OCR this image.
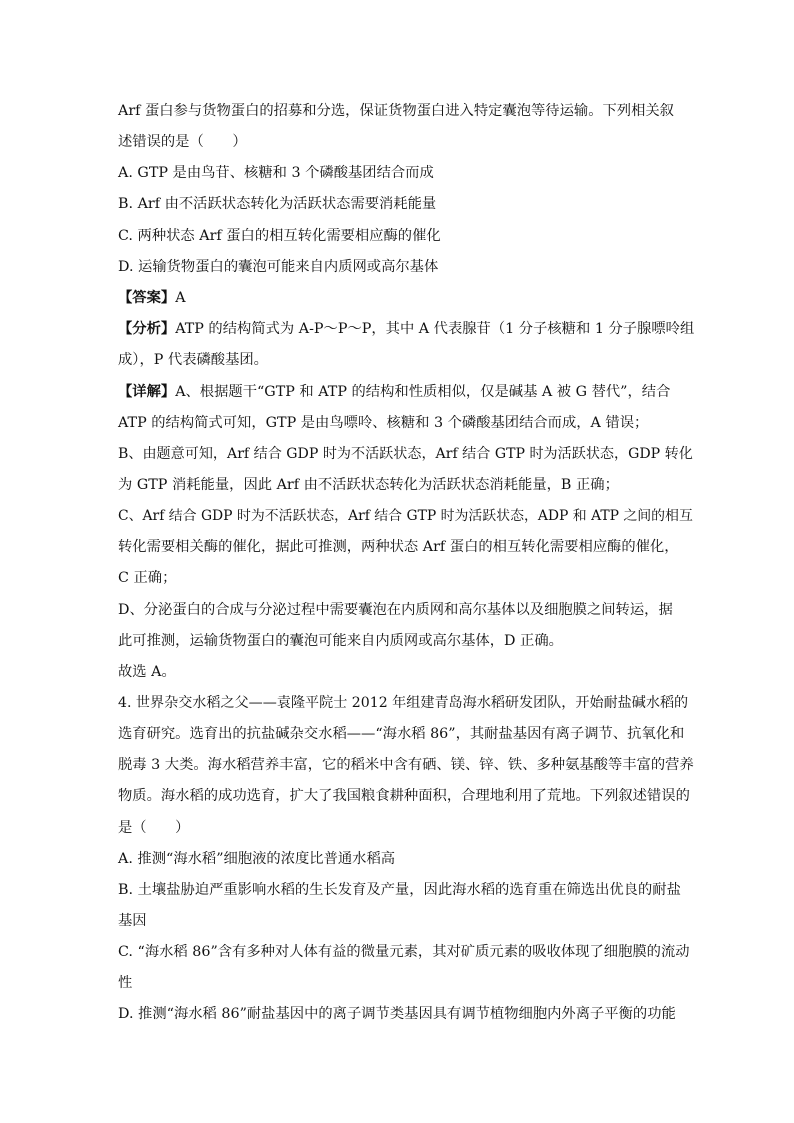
Arf 蛋白参与货物蛋白的招募和分选，保证货物蛋白进入特定囊泡等待运输。下列相关叙
述错误的是（　　）
A. GTP 是由鸟苷、核糖和 3 个磷酸基团结合而成
B. Arf 由不活跃状态转化为活跃状态需要消耗能量
C. 两种状态 Arf 蛋白的相互转化需要相应酶的催化
D. 运输货物蛋白的囊泡可能来自内质网或高尔基体
【答案】A
【分析】ATP 的结构简式为 A-P～P～P，其中 A 代表腺苷（1 分子核糖和 1 分子腺嘌呤组
成），P 代表磷酸基团。
【详解】A、根据题干“GTP 和 ATP 的结构和性质相似，仅是碱基 A 被 G 替代”，结合
ATP 的结构简式可知，GTP 是由鸟嘌呤、核糖和 3 个磷酸基团结合而成，A 错误；
B、由题意可知，Arf 结合 GDP 时为不活跃状态，Arf 结合 GTP 时为活跃状态，GDP 转化
为 GTP 消耗能量，因此 Arf 由不活跃状态转化为活跃状态消耗能量，B 正确；
C、Arf 结合 GDP 时为不活跃状态，Arf 结合 GTP 时为活跃状态，ADP 和 ATP 之间的相互
转化需要相关酶的催化，据此可推测，两种状态 Arf 蛋白的相互转化需要相应酶的催化，
C 正确；
D、分泌蛋白的合成与分泌过程中需要囊泡在内质网和高尔基体以及细胞膜之间转运，据
此可推测，运输货物蛋白的囊泡可能来自内质网或高尔基体，D 正确。
故选 A。
4. 世界杂交水稻之父——袁隆平院士 2012 年组建青岛海水稻研发团队，开始耐盐碱水稻的
选育研究。选育出的抗盐碱杂交水稻——“海水稻 86”，其耐盐基因有离子调节、抗氧化和
脱毒 3 大类。海水稻营养丰富，它的稻米中含有硒、镁、锌、铁、多种氨基酸等丰富的营养
物质。海水稻的成功选育，扩大了我国粮食耕种面积，合理地利用了荒地。下列叙述错误的
是（　　）
A. 推测“海水稻”细胞液的浓度比普通水稻高
B. 土壤盐胁迫严重影响水稻的生长发育及产量，因此海水稻的选育重在筛选出优良的耐盐
基因
C. “海水稻 86”含有多种对人体有益的微量元素，其对矿质元素的吸收体现了细胞膜的流动
性
D. 推测“海水稻 86”耐盐基因中的离子调节类基因具有调节植物细胞内外离子平衡的功能
